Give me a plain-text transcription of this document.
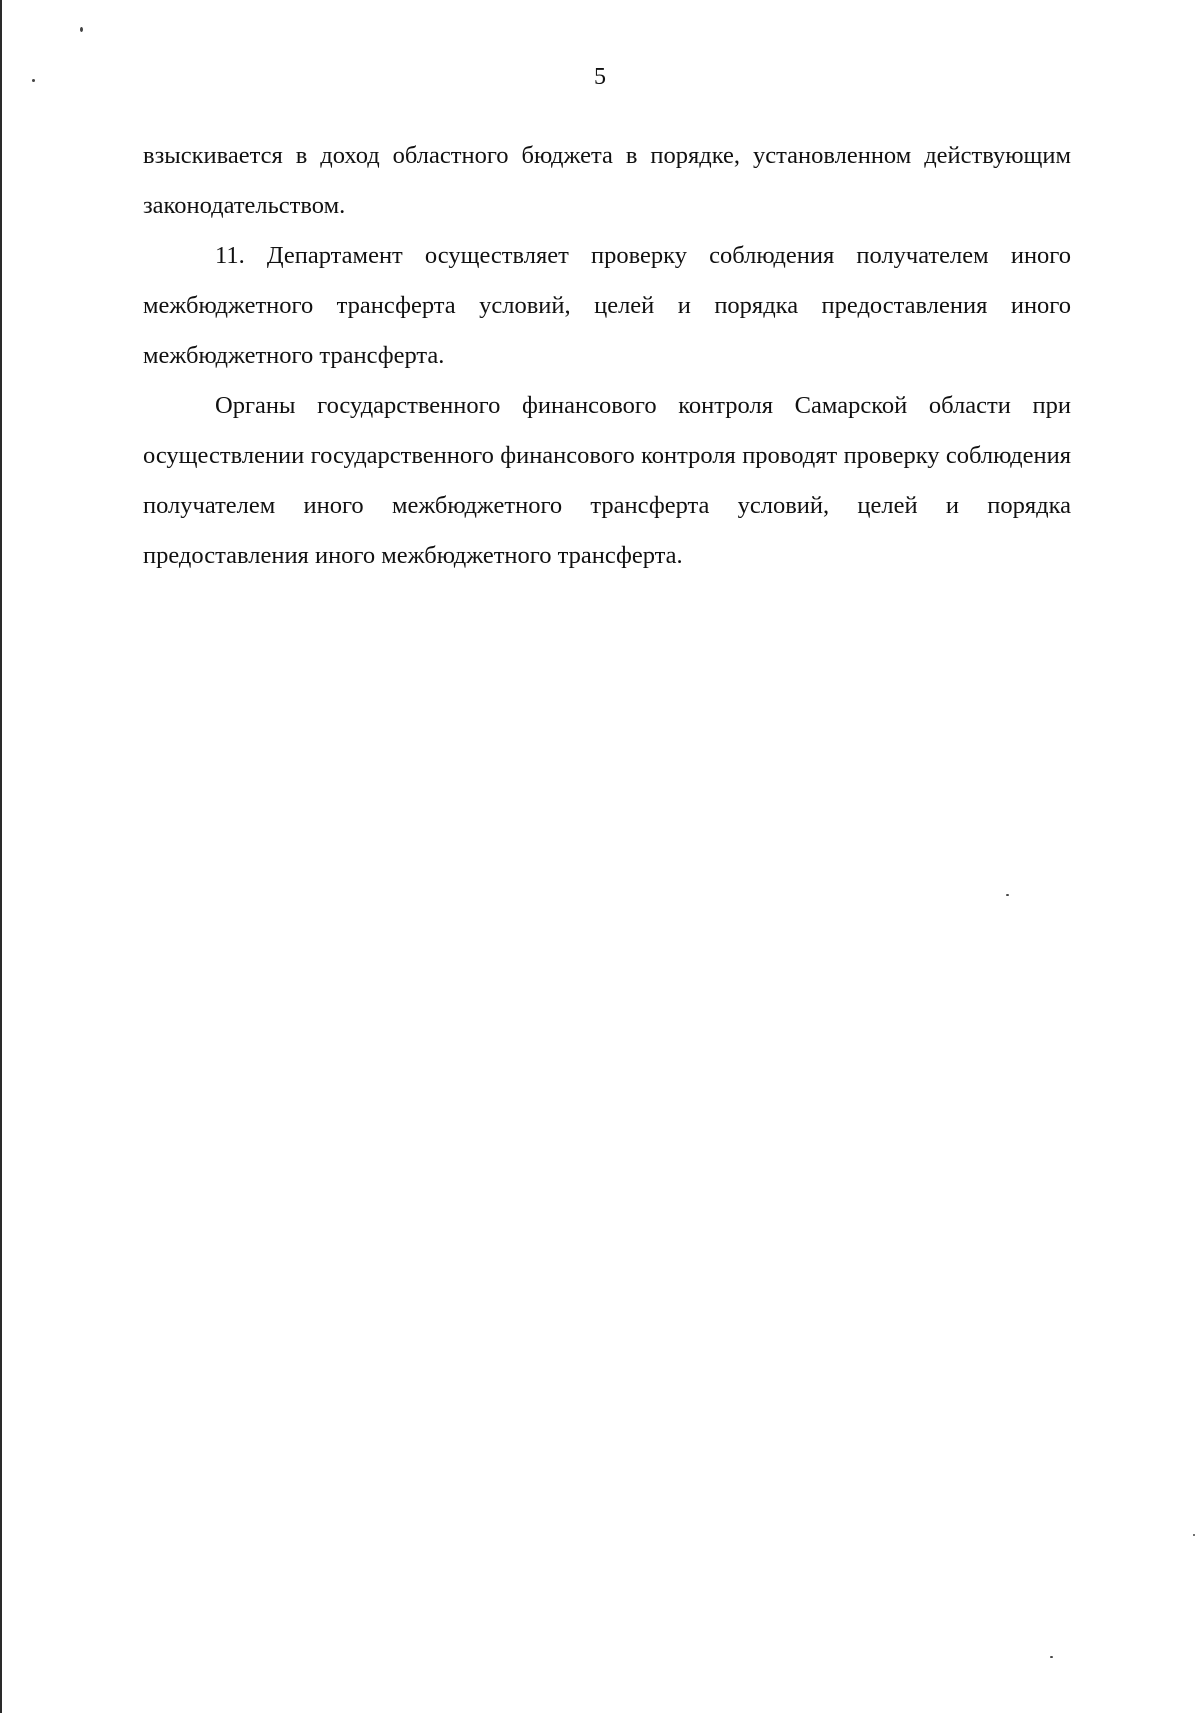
5

взыскивается в доход областного бюджета в порядке, установленном действующим законодательством.

11. Департамент осуществляет проверку соблюдения получателем иного межбюджетного трансферта условий, целей и порядка предоставления иного межбюджетного трансферта.

Органы государственного финансового контроля Самарской области при осуществлении государственного финансового контроля проводят проверку соблюдения получателем иного межбюджетного трансферта условий, целей и порядка предоставления иного межбюджетного трансферта.
